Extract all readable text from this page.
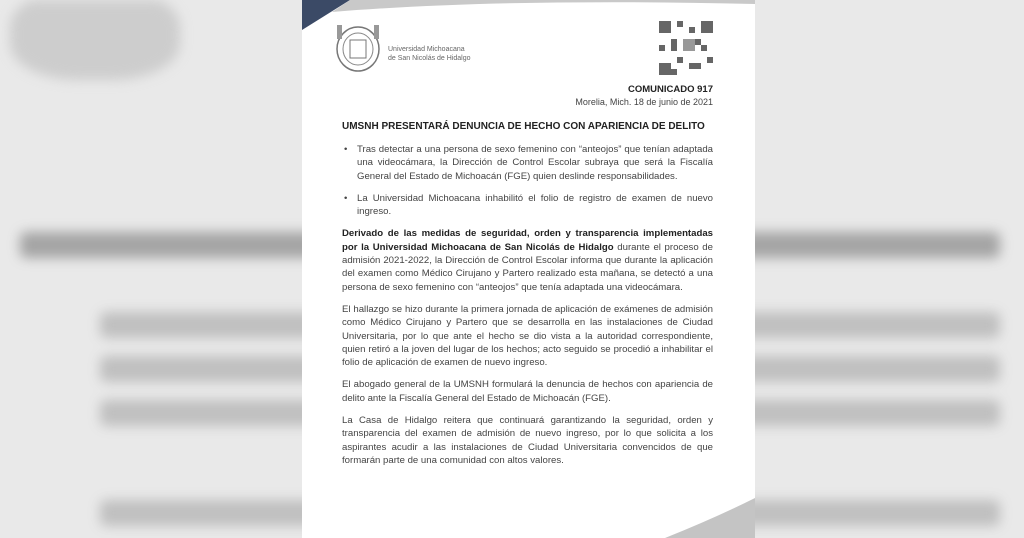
Universidad Michoacana
de San Nicolás de Hidalgo
COMUNICADO 917
Morelia, Mich. 18 de junio de 2021
UMSNH PRESENTARÁ DENUNCIA DE HECHO CON APARIENCIA DE DELITO
• Tras detectar a una persona de sexo femenino con “anteojos” que tenían adaptada una videocámara, la Dirección de Control Escolar subraya que será la Fiscalía General del Estado de Michoacán (FGE) quien deslinde responsabilidades.
• La Universidad Michoacana inhabilitó el folio de registro de examen de nuevo ingreso.
Derivado de las medidas de seguridad, orden y transparencia implementadas por la Universidad Michoacana de San Nicolás de Hidalgo durante el proceso de admisión 2021-2022, la Dirección de Control Escolar informa que durante la aplicación del examen como Médico Cirujano y Partero realizado esta mañana, se detectó a una persona de sexo femenino con “anteojos” que tenía adaptada una videocámara.
El hallazgo se hizo durante la primera jornada de aplicación de exámenes de admisión como Médico Cirujano y Partero que se desarrolla en las instalaciones de Ciudad Universitaria, por lo que ante el hecho se dio vista a la autoridad correspondiente, quien retiró a la joven del lugar de los hechos; acto seguido se procedió a inhabilitar el folio de aplicación de examen de nuevo ingreso.
El abogado general de la UMSNH formulará la denuncia de hechos con apariencia de delito ante la Fiscalía General del Estado de Michoacán (FGE).
La Casa de Hidalgo reitera que continuará garantizando la seguridad, orden y transparencia del examen de admisión de nuevo ingreso, por lo que solicita a los aspirantes acudir a las instalaciones de Ciudad Universitaria convencidos de que formarán parte de una comunidad con altos valores.
